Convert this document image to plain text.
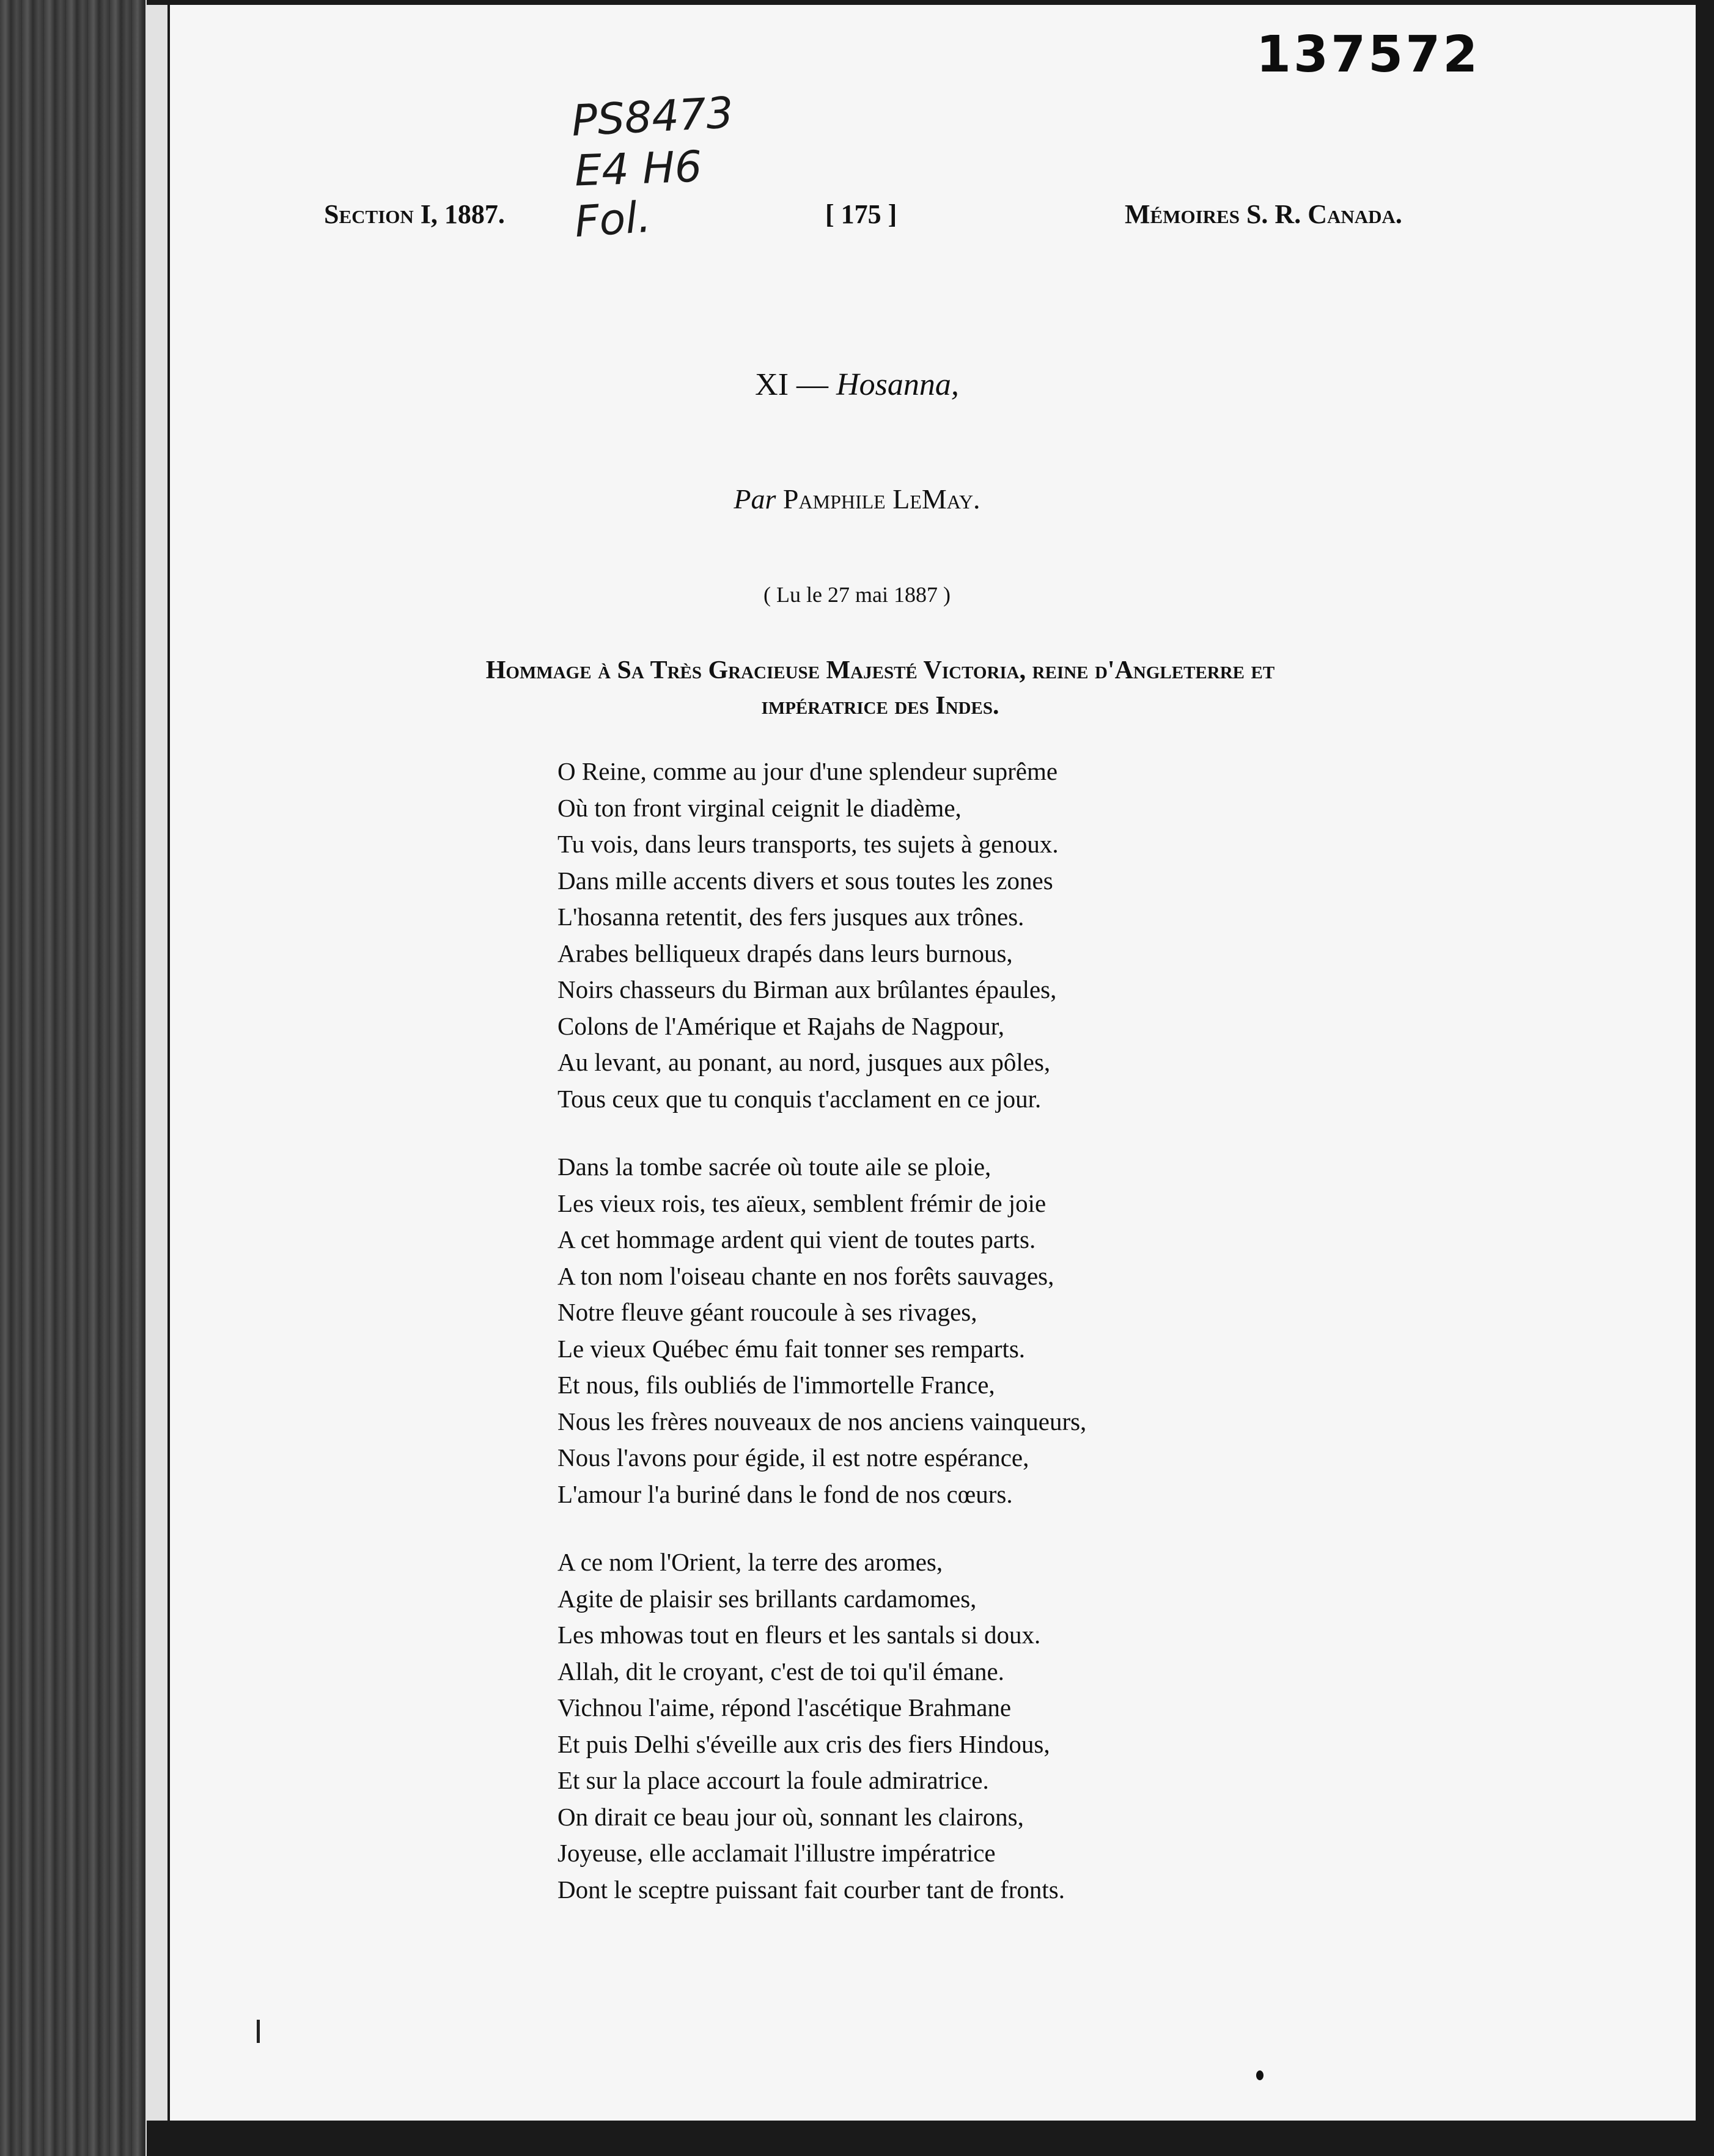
137572
PS8473
E4 H6
Fol.
Section I, 1887.	[ 175 ]	Mémoires S. R. Canada.
XI — Hosanna,
Par Pamphile LeMay.
( Lu le 27 mai 1887 )
Hommage à Sa Très Gracieuse Majesté Victoria, reine d'Angleterre et
impératrice des Indes.
O Reine, comme au jour d'une splendeur suprême
Où ton front virginal ceignit le diadème,
Tu vois, dans leurs transports, tes sujets à genoux.
Dans mille accents divers et sous toutes les zones
L'hosanna retentit, des fers jusques aux trônes.
Arabes belliqueux drapés dans leurs burnous,
Noirs chasseurs du Birman aux brûlantes épaules,
Colons de l'Amérique et Rajahs de Nagpour,
Au levant, au ponant, au nord, jusques aux pôles,
Tous ceux que tu conquis t'acclament en ce jour.
Dans la tombe sacrée où toute aile se ploie,
Les vieux rois, tes aïeux, semblent frémir de joie
A cet hommage ardent qui vient de toutes parts.
A ton nom l'oiseau chante en nos forêts sauvages,
Notre fleuve géant roucoule à ses rivages,
Le vieux Québec ému fait tonner ses remparts.
Et nous, fils oubliés de l'immortelle France,
Nous les frères nouveaux de nos anciens vainqueurs,
Nous l'avons pour égide, il est notre espérance,
L'amour l'a buriné dans le fond de nos cœurs.
A ce nom l'Orient, la terre des aromes,
Agite de plaisir ses brillants cardamomes,
Les mhowas tout en fleurs et les santals si doux.
Allah, dit le croyant, c'est de toi qu'il émane.
Vichnou l'aime, répond l'ascétique Brahmane
Et puis Delhi s'éveille aux cris des fiers Hindous,
Et sur la place accourt la foule admiratrice.
On dirait ce beau jour où, sonnant les clairons,
Joyeuse, elle acclamait l'illustre impératrice
Dont le sceptre puissant fait courber tant de fronts.
